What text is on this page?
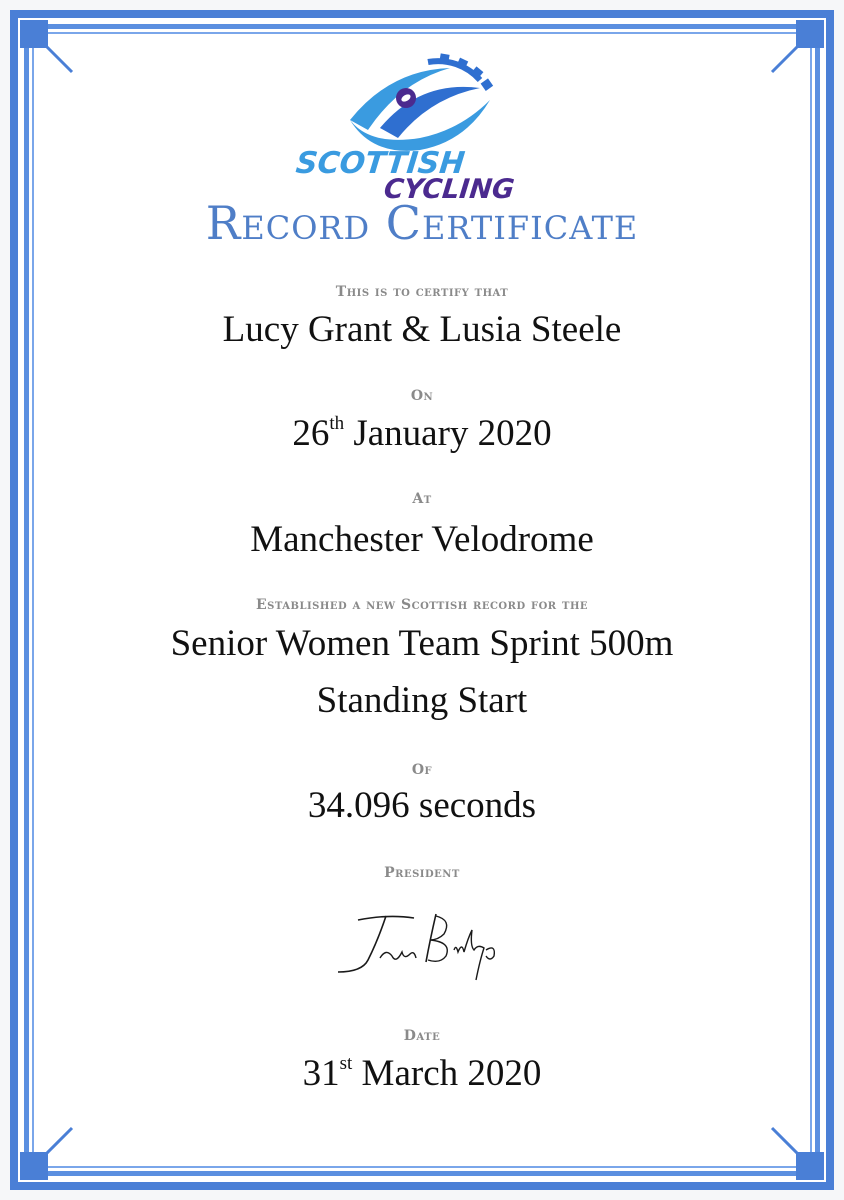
SCOTTISH
CYCLING
Record Certificate
This is to certify that
Lucy Grant & Lusia Steele
On
26th January 2020
At
Manchester Velodrome
Established a new Scottish record for the
Senior Women Team Sprint 500m
Standing Start
Of
34.096 seconds
President
Date
31st March 2020
